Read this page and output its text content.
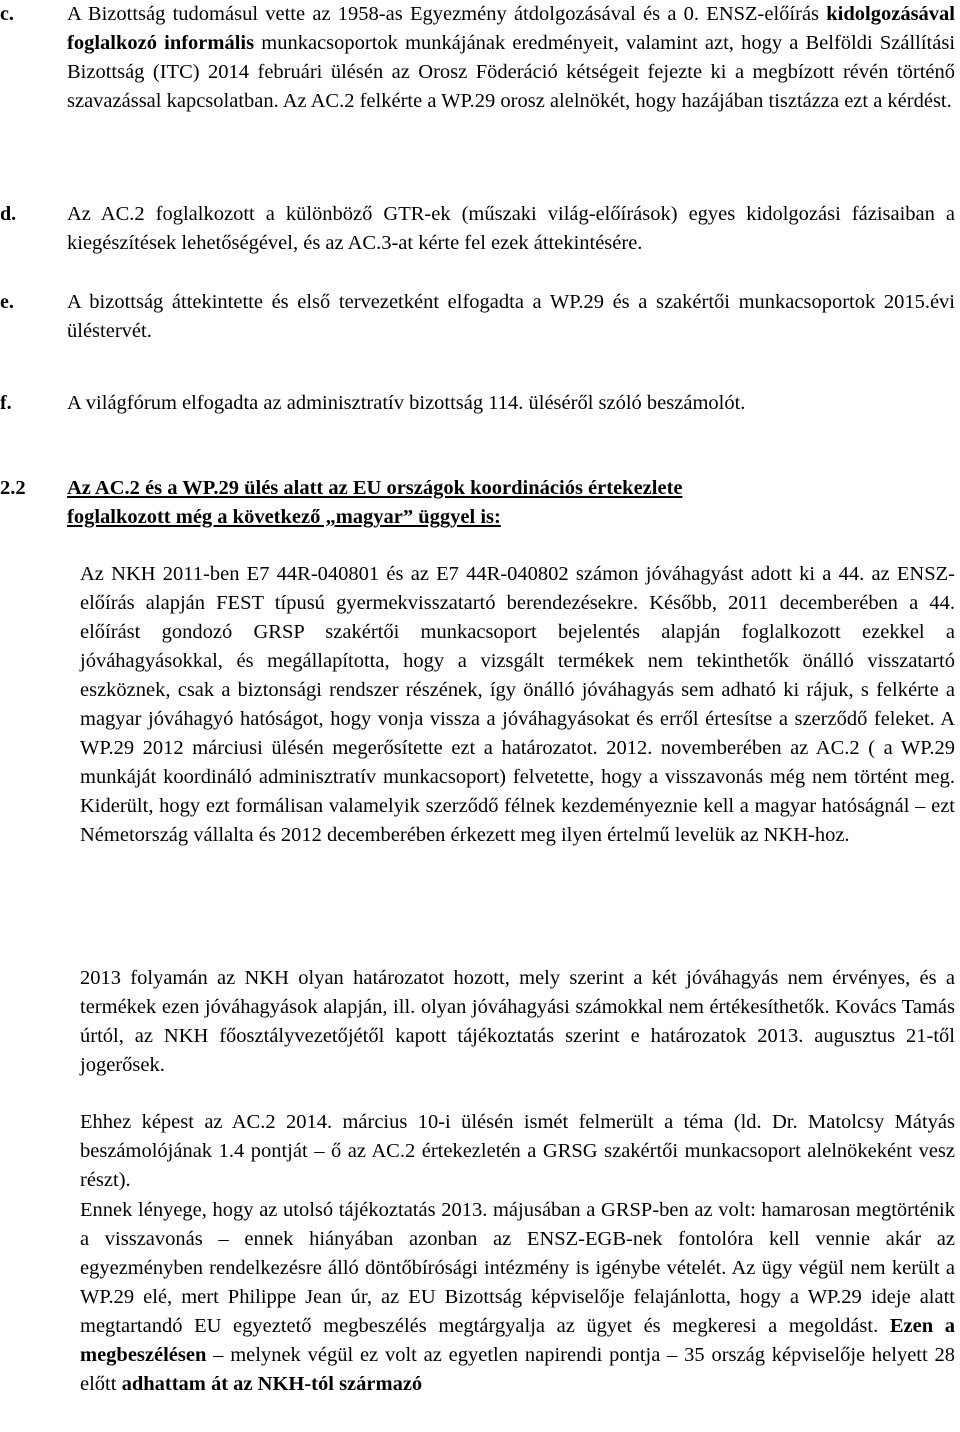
c.	A Bizottság tudomásul vette az 1958-as Egyezmény átdolgozásával és a 0. ENSZ-előírás kidolgozásával foglalkozó informális munkacsoportok munkájának eredményeit, valamint azt, hogy a Belföldi Szállítási Bizottság (ITC) 2014 februári ülésén az Orosz Föderáció kétségeit fejezte ki a megbízott révén történő szavazással kapcsolatban. Az AC.2 felkérte a WP.29 orosz alelnökét, hogy hazájában tisztázza ezt a kérdést.
d. Az AC.2 foglalkozott a különböző GTR-ek (műszaki világ-előírások) egyes kidolgozási fázisaiban a kiegészítések lehetőségével, és az AC.3-at kérte fel ezek áttekintésére.
e.	A bizottság áttekintette és első tervezetként elfogadta a WP.29 és a szakértői munkacsoportok 2015.évi üléstervét.
f.	A világfórum elfogadta az adminisztratív bizottság 114. üléséről szóló beszámolót.
2.2 Az AC.2 és a WP.29 ülés alatt az EU országok koordinációs értekezlete
foglalkozott még a következő „magyar” üggyel is:

Az NKH 2011-ben E7 44R-040801 és az E7 44R-040802 számon jóváhagyást adott ki a 44. az ENSZ-előírás alapján FEST típusú gyermekvisszatartó berendezésekre. Később, 2011 decemberében a 44. előírást gondozó GRSP szakértői munkacsoport bejelentés alapján foglalkozott ezekkel a jóváhagyásokkal, és megállapította, hogy a vizsgált termékek nem tekinthetők önálló visszatartó eszköznek, csak a biztonsági rendszer részének, így önálló jóváhagyás sem adható ki rájuk, s felkérte a magyar jóváhagyó hatóságot, hogy vonja vissza a jóváhagyásokat és erről értesítse a szerződő feleket. A WP.29 2012 márciusi ülésén megerősítette ezt a határozatot. 2012. novemberében az AC.2 ( a WP.29 munkáját koordináló adminisztratív munkacsoport) felvetette, hogy a visszavonás még nem történt meg. Kiderült, hogy ezt formálisan valamelyik szerződő félnek kezdeményeznie kell a magyar hatóságnál – ezt Németország vállalta és 2012 decemberében érkezett meg ilyen értelmű levelük az NKH-hoz.

2013 folyamán az NKH olyan határozatot hozott, mely szerint a két jóváhagyás nem érvényes, és a termékek ezen jóváhagyások alapján, ill. olyan jóváhagyási számokkal nem értékesíthetők. Kovács Tamás úrtól, az NKH főosztályvezetőjétől kapott tájékoztatás szerint e határozatok 2013. augusztus 21-től jogerősek.

Ehhez képest az AC.2 2014. március 10-i ülésén ismét felmerült a téma (ld. Dr. Matolcsy Mátyás beszámolójának 1.4 pontját – ő az AC.2 értekezletén a GRSG szakértői munkacsoport alelnökeként vesz részt).

Ennek lényege, hogy az utolsó tájékoztatás 2013. májusában a GRSP-ben az volt: hamarosan megtörténik a visszavonás – ennek hiányában azonban az ENSZ-EGB-nek fontolóra kell vennie akár az egyezményben rendelkezésre álló döntőbírósági intézmény is igénybe vételét. Az ügy végül nem került a WP.29 elé, mert Philippe Jean úr, az EU Bizottság képviselője felajánlotta, hogy a WP.29 ideje alatt megtartandó EU egyeztető megbeszélés megtárgyalja az ügyet és megkeresi a megoldást. Ezen a megbeszélésen – melynek végül ez volt az egyetlen napirendi pontja – 35 ország képviselője helyett 28 előtt adhattam át az NKH-tól származó
